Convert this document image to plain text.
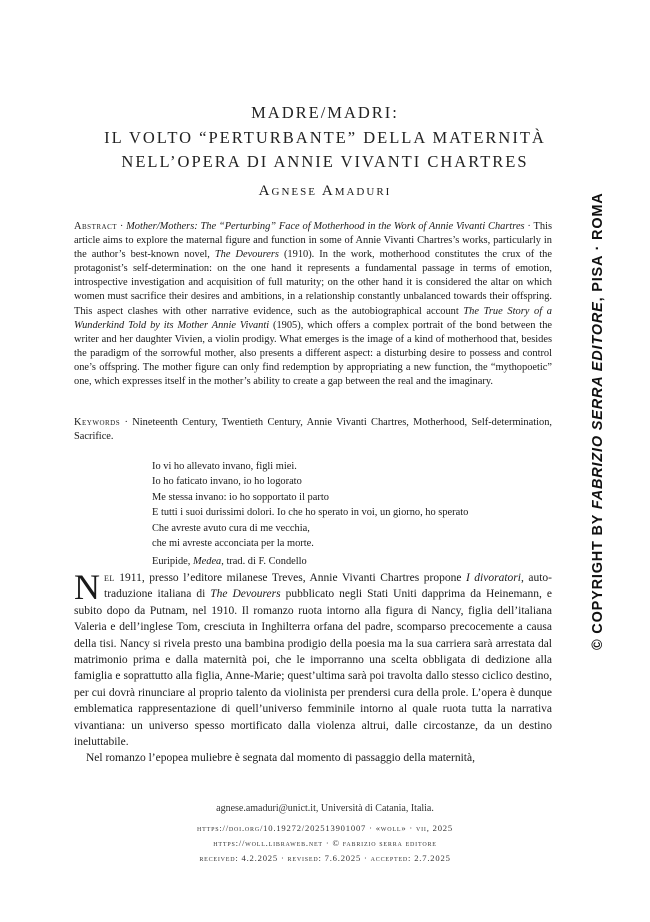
MADRE/MADRI:
IL VOLTO “PERTURBANTE” DELLA MATERNITÀ
NELL’OPERA DI ANNIE VIVANTI CHARTRES
Agnese Amaduri
Abstract · Mother/Mothers: The “Perturbing” Face of Motherhood in the Work of Annie Vivanti Chartres · This article aims to explore the maternal figure and function in some of Annie Vivanti Chartres’s works, particularly in the author’s best-known novel, The Devourers (1910). In the work, motherhood constitutes the crux of the protagonist’s self-determination: on the one hand it represents a fundamental passage in terms of emotion, introspective investigation and acquisition of full maturity; on the other hand it is considered the altar on which women must sacrifice their desires and ambitions, in a relationship constantly unbalanced towards their offspring. This aspect clashes with other narrative evidence, such as the autobiographical account The True Story of a Wunderkind Told by its Mother Annie Vivanti (1905), which offers a complex portrait of the bond between the writer and her daughter Vivien, a violin prodigy. What emerges is the image of a kind of motherhood that, besides the paradigm of the sorrowful mother, also presents a different aspect: a disturbing desire to possess and control one’s offspring. The mother figure can only find redemption by appropriating a new function, the “mythopoetic” one, which expresses itself in the mother’s ability to create a gap between the real and the imaginary.
Keywords · Nineteenth Century, Twentieth Century, Annie Vivanti Chartres, Motherhood, Self-determination, Sacrifice.
Io vi ho allevato invano, figli miei.
Io ho faticato invano, io ho logorato
Me stessa invano: io ho sopportato il parto
E tutti i suoi durissimi dolori. Io che ho sperato in voi, un giorno, ho sperato
Che avreste avuto cura di me vecchia,
che mi avreste acconciata per la morte.
Euripide, Medea, trad. di F. Condello

Nel 1911, presso l’editore milanese Treves, Annie Vivanti Chartres propone I divoratori, auto-traduzione italiana di The Devourers pubblicato negli Stati Uniti dapprima da Heinemann, e subito dopo da Putnam, nel 1910. Il romanzo ruota intorno alla figura di Nancy, figlia dell’italiana Valeria e dell’inglese Tom, cresciuta in Inghilterra orfana del padre, scomparso precocemente a causa della tisi. Nancy si rivela presto una bambina prodigio della poesia ma la sua carriera sarà arrestata dal matrimonio prima e dalla maternità poi, che le imporranno una scelta obbligata di dedizione alla famiglia e soprattutto alla figlia, Anne-Marie; quest’ultima sarà poi travolta dallo stesso ciclico destino, per cui dovrà rinunciare al proprio talento da violinista per prendersi cura della prole. L’opera è dunque emblematica rappresentazione di quell’universo femminile intorno al quale ruota tutta la narrativa vivantiana: un universo spesso mortificato dalla violenza altrui, dalle circostanze, da un destino ineluttabile.

Nel romanzo l’epopea muliebre è segnata dal momento di passaggio della maternità,

agnese.amaduri@unict.it, Università di Catania, Italia.
https://doi.org/10.19272/202513901007 · «woll» · vii, 2025
https://woll.libraweb.net · © fabrizio serra editore
received: 4.2.2025 · revised: 7.6.2025 · accepted: 2.7.2025
© COPYRIGHT BY FABRIZIO SERRA EDITORE, PISA · ROMA
